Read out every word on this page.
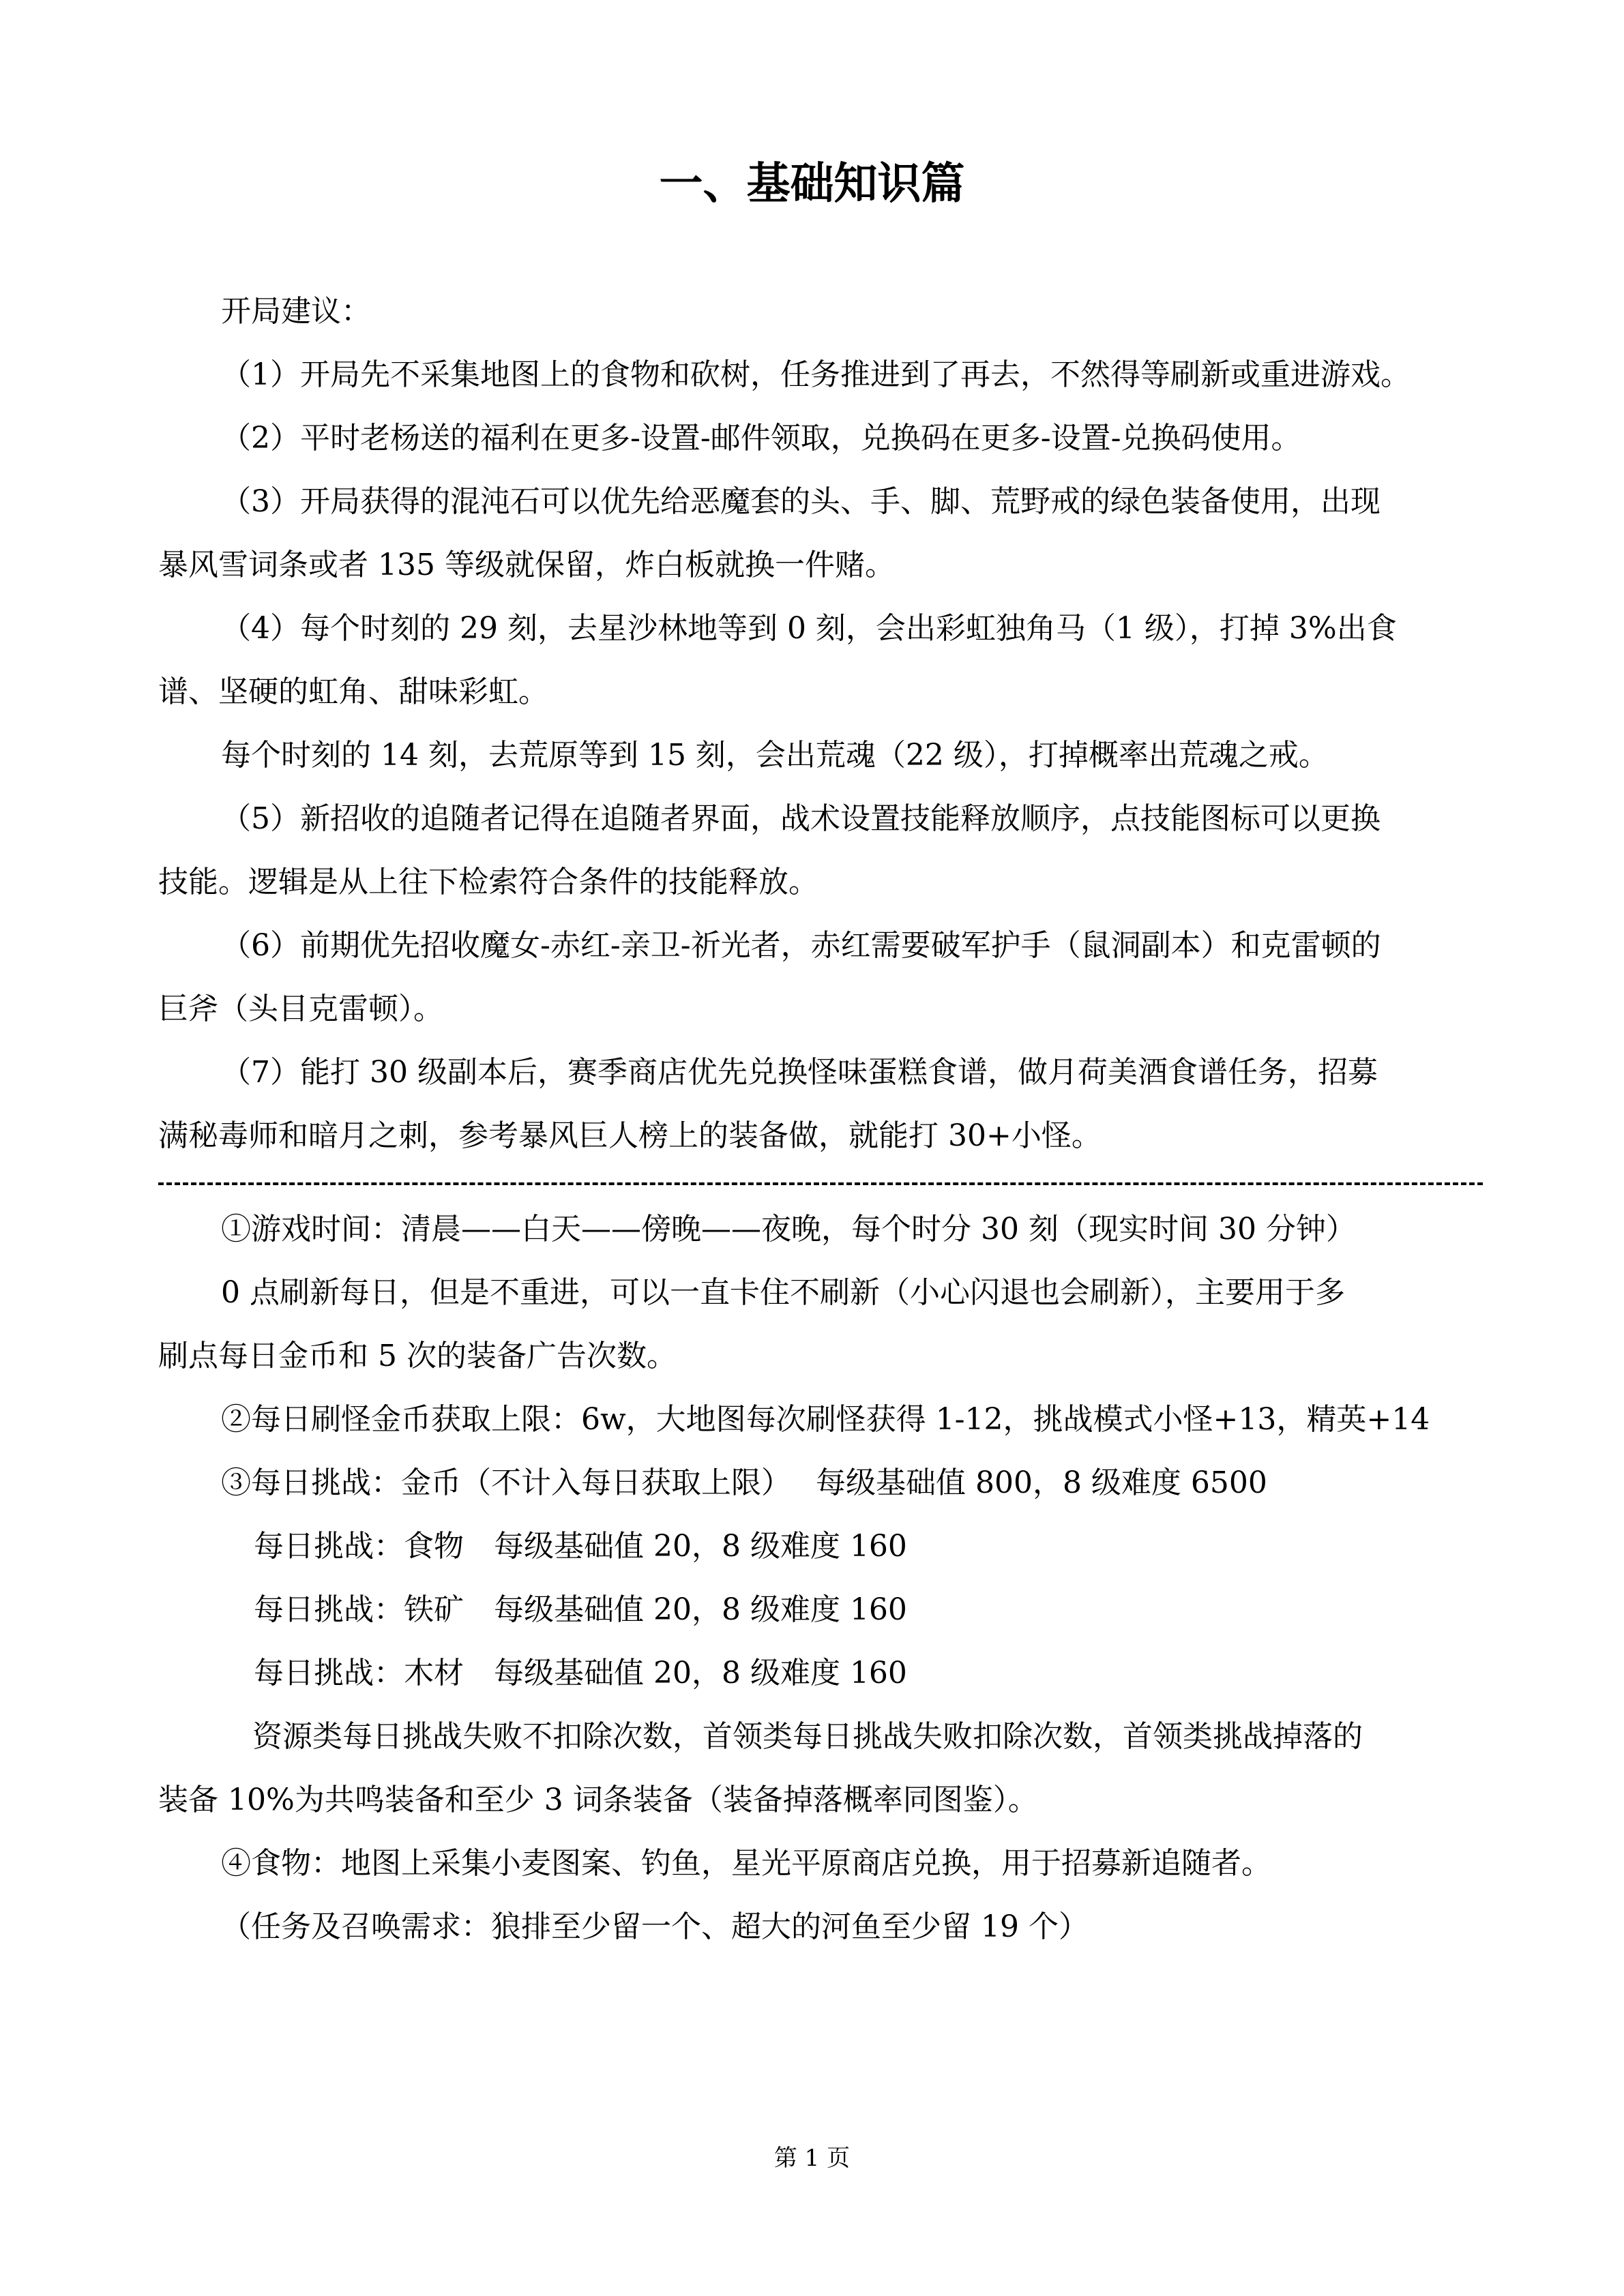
一、基础知识篇

开局建议：

（1）开局先不采集地图上的食物和砍树，任务推进到了再去，不然得等刷新或重进游戏。

（2）平时老杨送的福利在更多-设置-邮件领取，兑换码在更多-设置-兑换码使用。

（3）开局获得的混沌石可以优先给恶魔套的头、手、脚、荒野戒的绿色装备使用，出现

暴风雪词条或者 135 等级就保留，炸白板就换一件赌。

（4）每个时刻的 29 刻，去星沙林地等到 0 刻，会出彩虹独角马（1 级），打掉 3%出食

谱、坚硬的虹角、甜味彩虹。

每个时刻的 14 刻，去荒原等到 15 刻，会出荒魂（22 级），打掉概率出荒魂之戒。

（5）新招收的追随者记得在追随者界面，战术设置技能释放顺序，点技能图标可以更换

技能。逻辑是从上往下检索符合条件的技能释放。

（6）前期优先招收魔女-赤红-亲卫-祈光者，赤红需要破军护手（鼠洞副本）和克雷顿的

巨斧（头目克雷顿）。

（7）能打 30 级副本后，赛季商店优先兑换怪味蛋糕食谱，做月荷美酒食谱任务，招募

满秘毒师和暗月之刺，参考暴风巨人榜上的装备做，就能打 30+小怪。

①游戏时间：清晨——白天——傍晚——夜晚，每个时分 30 刻（现实时间 30 分钟）

0 点刷新每日，但是不重进，可以一直卡住不刷新（小心闪退也会刷新），主要用于多

刷点每日金币和 5 次的装备广告次数。

②每日刷怪金币获取上限：6w，大地图每次刷怪获得 1-12，挑战模式小怪+13，精英+14

③每日挑战：金币（不计入每日获取上限）　 每级基础值 800，8 级难度 6500

每日挑战：食物　每级基础值 20，8 级难度 160

每日挑战：铁矿　每级基础值 20，8 级难度 160

每日挑战：木材　每级基础值 20，8 级难度 160

资源类每日挑战失败不扣除次数，首领类每日挑战失败扣除次数，首领类挑战掉落的

装备 10%为共鸣装备和至少 3 词条装备（装备掉落概率同图鉴）。

④食物：地图上采集小麦图案、钓鱼，星光平原商店兑换，用于招募新追随者。

（任务及召唤需求：狼排至少留一个、超大的河鱼至少留 19 个）

第 1 页
